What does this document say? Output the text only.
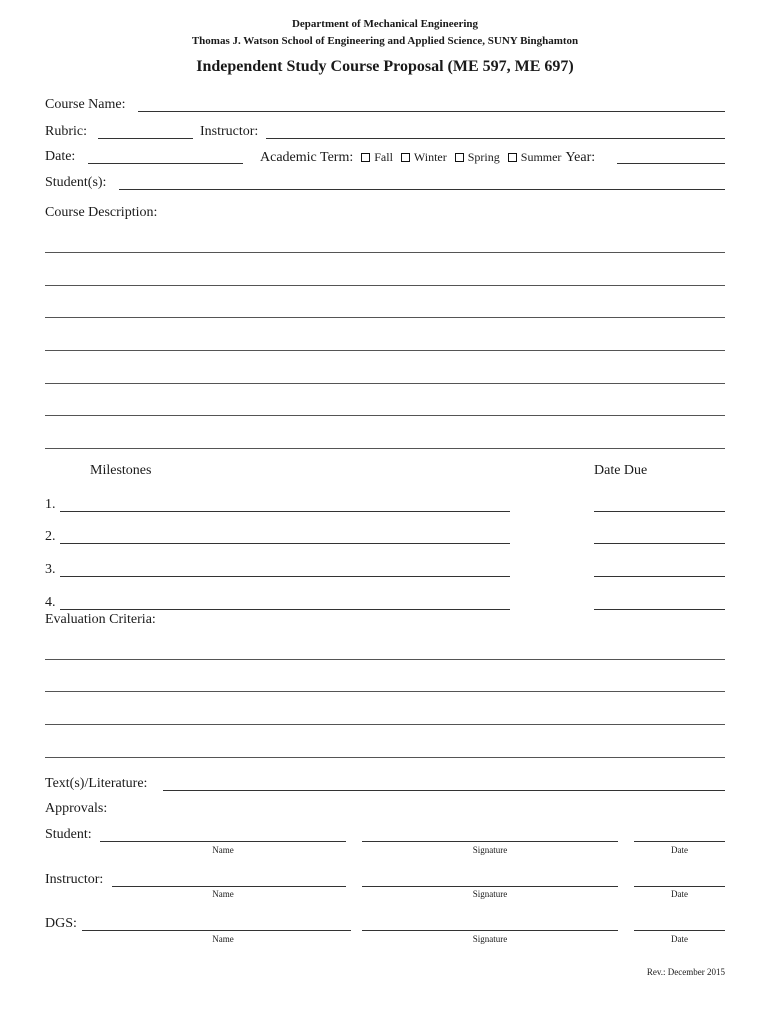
Department of Mechanical Engineering
Thomas J. Watson School of Engineering and Applied Science, SUNY Binghamton
Independent Study Course Proposal (ME 597, ME 697)
Course Name:
Rubric:	Instructor:
Date:	Academic Term: Fall Winter Spring Summer Year:
Student(s):
Course Description:
Milestones	Date Due
1.
2.
3.
4.
Evaluation Criteria:
Text(s)/Literature:
Approvals:
Student:
Name	Signature	Date
Instructor:
Name	Signature	Date
DGS:
Name	Signature	Date
Rev.: December 2015
